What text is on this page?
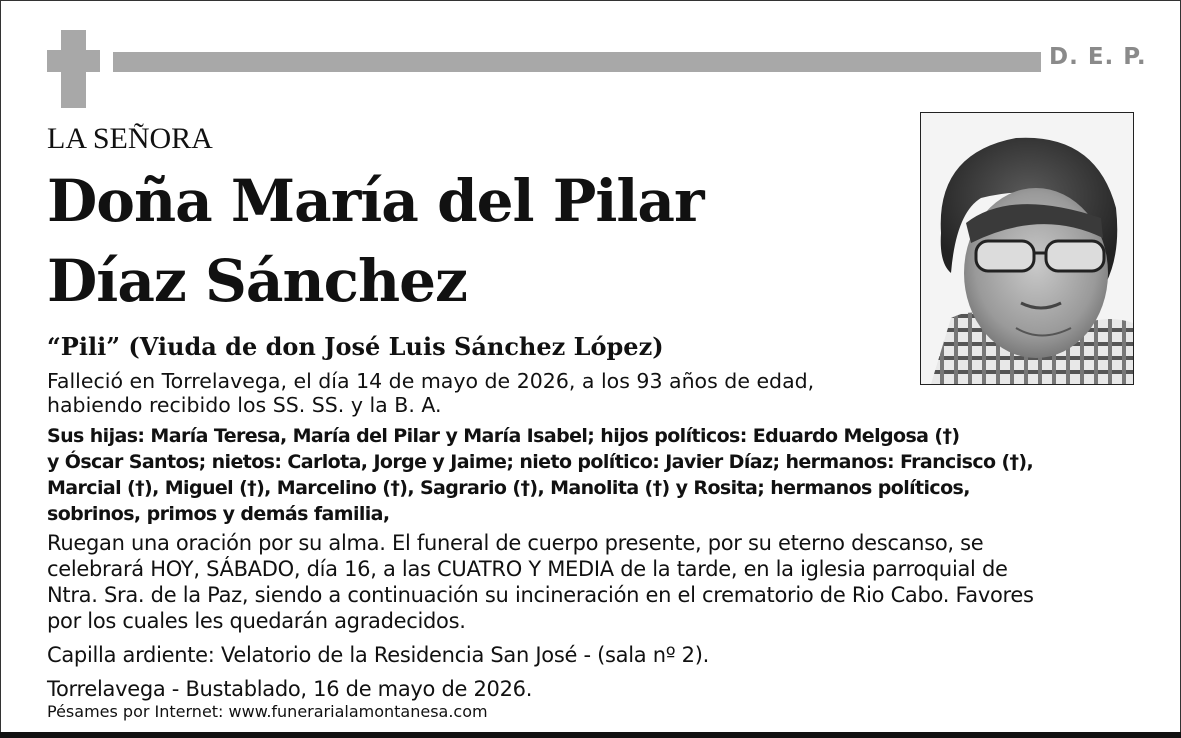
D. E. P.
LA SEÑORA
Doña María del Pilar
Díaz Sánchez
“Pili” (Viuda de don José Luis Sánchez López)
Falleció en Torrelavega, el día 14 de mayo de 2026, a los 93 años de edad,
habiendo recibido los SS. SS. y la B. A.
Sus hijas: María Teresa, María del Pilar y María Isabel; hijos políticos: Eduardo Melgosa (†)
y Óscar Santos; nietos: Carlota, Jorge y Jaime; nieto político: Javier Díaz; hermanos: Francisco (†),
Marcial (†), Miguel (†), Marcelino (†), Sagrario (†), Manolita (†) y Rosita; hermanos políticos,
sobrinos, primos y demás familia,
Ruegan una oración por su alma. El funeral de cuerpo presente, por su eterno descanso, se
celebrará HOY, SÁBADO, día 16, a las CUATRO Y MEDIA de la tarde, en la iglesia parroquial de
Ntra. Sra. de la Paz, siendo a continuación su incineración en el crematorio de Rio Cabo. Favores
por los cuales les quedarán agradecidos.
Capilla ardiente: Velatorio de la Residencia San José - (sala nº 2).
Torrelavega - Bustablado, 16 de mayo de 2026.
Pésames por Internet: www.funerarialamontanesa.com
